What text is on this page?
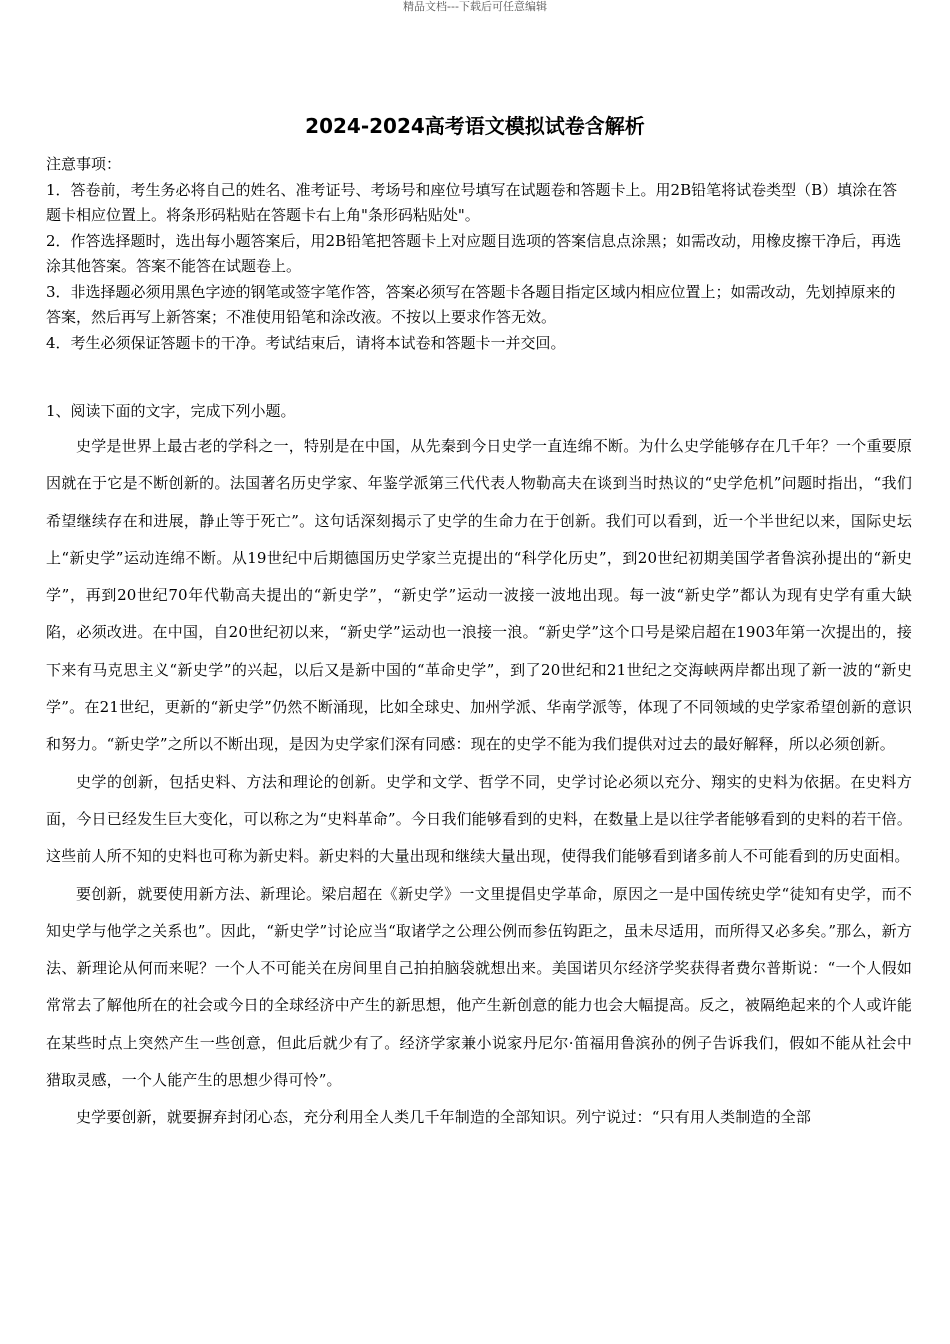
精品文档---下载后可任意编辑
2024-2024高考语文模拟试卷含解析

注意事项：

1．答卷前，考生务必将自己的姓名、准考证号、考场号和座位号填写在试题卷和答题卡上。用2B铅笔将试卷类型（B）填涂在答题卡相应位置上。将条形码粘贴在答题卡右上角"条形码粘贴处"。

2．作答选择题时，选出每小题答案后，用2B铅笔把答题卡上对应题目选项的答案信息点涂黑；如需改动，用橡皮擦干净后，再选涂其他答案。答案不能答在试题卷上。

3．非选择题必须用黑色字迹的钢笔或签字笔作答，答案必须写在答题卡各题目指定区域内相应位置上；如需改动，先划掉原来的答案，然后再写上新答案；不准使用铅笔和涂改液。不按以上要求作答无效。

4．考生必须保证答题卡的干净。考试结束后，请将本试卷和答题卡一并交回。

1、阅读下面的文字，完成下列小题。

史学是世界上最古老的学科之一，特别是在中国，从先秦到今日史学一直连绵不断。为什么史学能够存在几千年？一个重要原因就在于它是不断创新的。法国著名历史学家、年鉴学派第三代代表人物勒高夫在谈到当时热议的“史学危机”问题时指出，“我们希望继续存在和进展，静止等于死亡”。这句话深刻揭示了史学的生命力在于创新。我们可以看到，近一个半世纪以来，国际史坛上“新史学”运动连绵不断。从19世纪中后期德国历史学家兰克提出的“科学化历史”，到20世纪初期美国学者鲁滨孙提出的“新史学”，再到20世纪70年代勒高夫提出的“新史学”，“新史学”运动一波接一波地出现。每一波“新史学”都认为现有史学有重大缺陷，必须改进。在中国，自20世纪初以来，“新史学”运动也一浪接一浪。“新史学”这个口号是梁启超在1903年第一次提出的，接下来有马克思主义“新史学”的兴起，以后又是新中国的“革命史学”，到了20世纪和21世纪之交海峡两岸都出现了新一波的“新史学”。在21世纪，更新的“新史学”仍然不断涌现，比如全球史、加州学派、华南学派等，体现了不同领域的史学家希望创新的意识和努力。“新史学”之所以不断出现，是因为史学家们深有同感：现在的史学不能为我们提供对过去的最好解释，所以必须创新。

史学的创新，包括史料、方法和理论的创新。史学和文学、哲学不同，史学讨论必须以充分、翔实的史料为依据。在史料方面，今日已经发生巨大变化，可以称之为“史料革命”。今日我们能够看到的史料，在数量上是以往学者能够看到的史料的若干倍。这些前人所不知的史料也可称为新史料。新史料的大量出现和继续大量出现，使得我们能够看到诸多前人不可能看到的历史面相。

要创新，就要使用新方法、新理论。梁启超在《新史学》一文里提倡史学革命，原因之一是中国传统史学“徒知有史学，而不知史学与他学之关系也”。因此，“新史学”讨论应当“取诸学之公理公例而参伍钩距之，虽未尽适用，而所得又必多矣。”那么，新方法、新理论从何而来呢？一个人不可能关在房间里自己拍拍脑袋就想出来。美国诺贝尔经济学奖获得者费尔普斯说：“一个人假如常常去了解他所在的社会或今日的全球经济中产生的新思想，他产生新创意的能力也会大幅提高。反之，被隔绝起来的个人或许能在某些时点上突然产生一些创意，但此后就少有了。经济学家兼小说家丹尼尔·笛福用鲁滨孙的例子告诉我们，假如不能从社会中猎取灵感，一个人能产生的思想少得可怜”。

史学要创新，就要摒弃封闭心态，充分利用全人类几千年制造的全部知识。列宁说过：“只有用人类制造的全部
